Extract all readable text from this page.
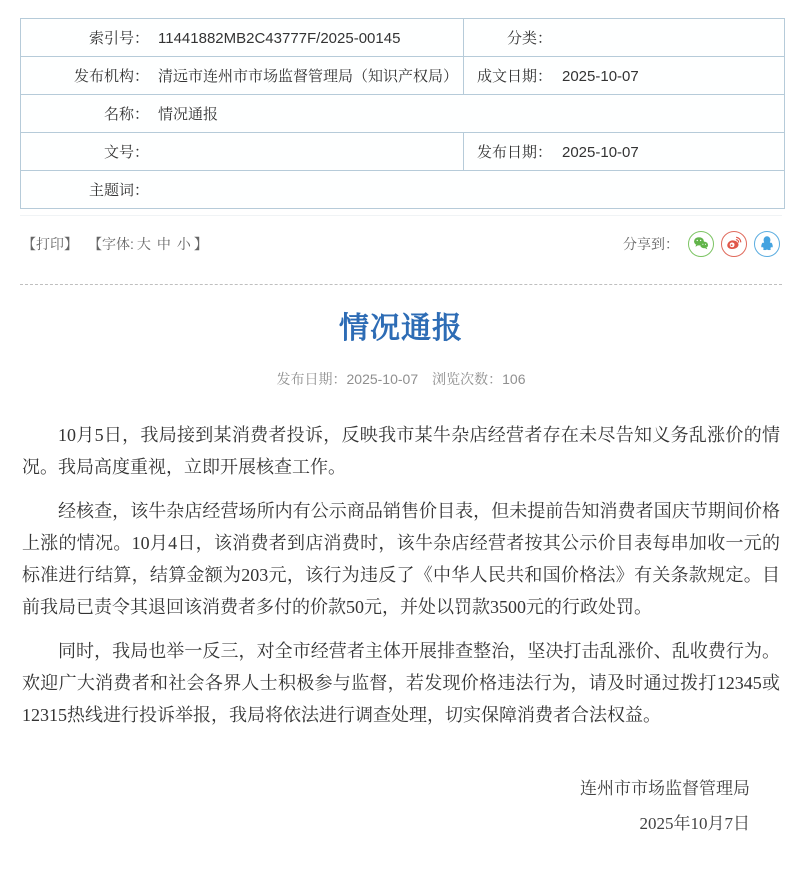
索引号： 11441882MB2C43777F/2025-00145	分类：
发布机构： 清远市连州市市场监督管理局（知识产权局）	成文日期： 2025-10-07
名称： 情况通报	
文号：	发布日期： 2025-10-07
主题词：	
【打印】 【字体: 大 中 小 】	分享到：
情况通报
发布日期：2025-10-07 浏览次数：106

10月5日，我局接到某消费者投诉，反映我市某牛杂店经营者存在未尽告知义务乱涨价的情况。我局高度重视，立即开展核查工作。

经核查，该牛杂店经营场所内有公示商品销售价目表，但未提前告知消费者国庆节期间价格上涨的情况。10月4日，该消费者到店消费时，该牛杂店经营者按其公示价目表每串加收一元的标准进行结算，结算金额为203元，该行为违反了《中华人民共和国价格法》有关条款规定。目前我局已责令其退回该消费者多付的价款50元，并处以罚款3500元的行政处罚。

同时，我局也举一反三，对全市经营者主体开展排查整治，坚决打击乱涨价、乱收费行为。欢迎广大消费者和社会各界人士积极参与监督，若发现价格违法行为，请及时通过拨打12345或12315热线进行投诉举报，我局将依法进行调查处理，切实保障消费者合法权益。

连州市市场监督管理局
2025年10月7日
